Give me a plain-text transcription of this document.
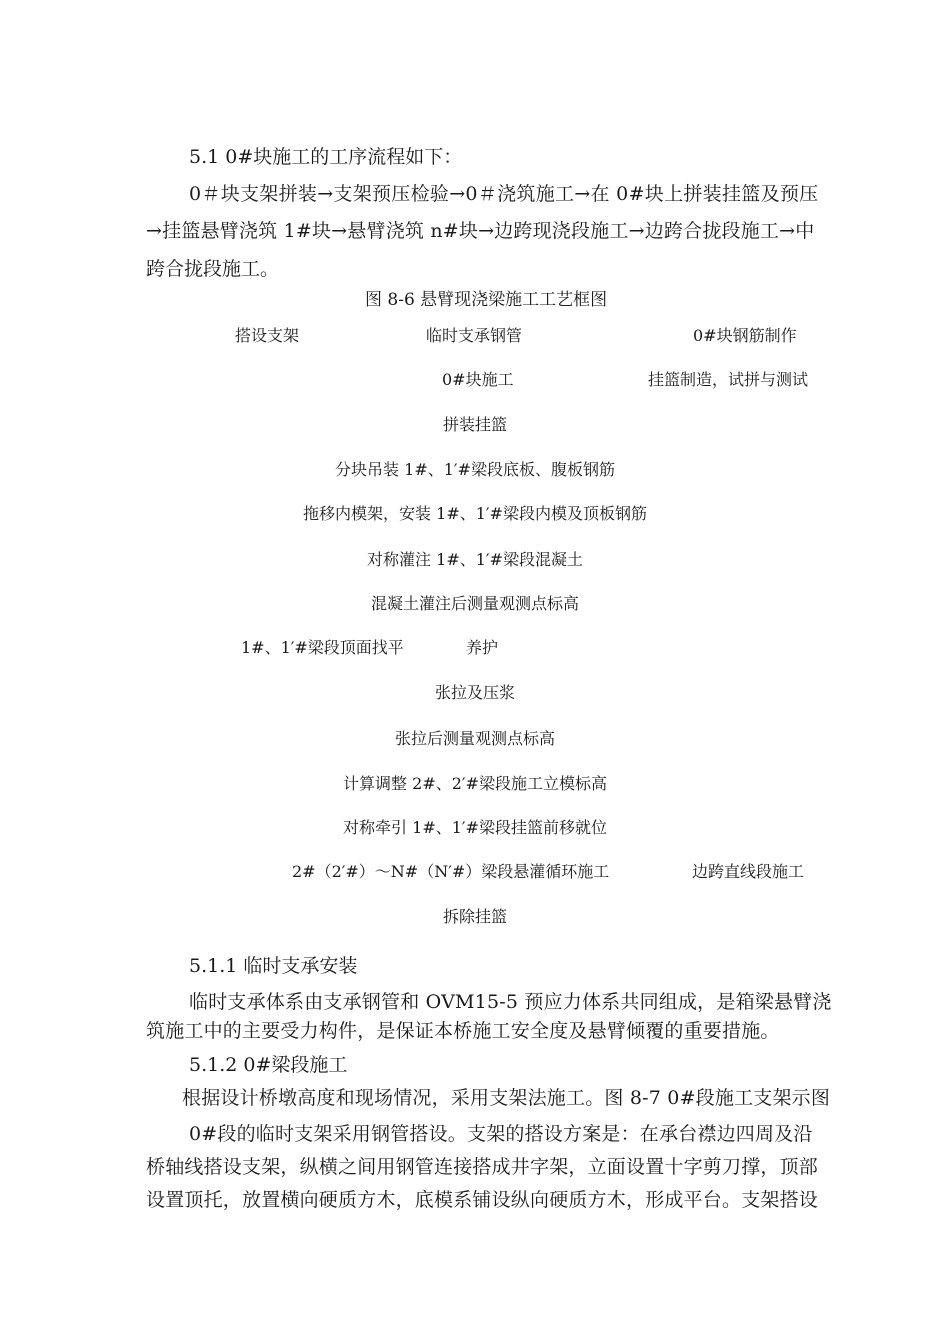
5.1 0#块施工的工序流程如下：
0＃块支架拼装→支架预压检验→0＃浇筑施工→在 0#块上拼装挂篮及预压
→挂篮悬臂浇筑 1#块→悬臂浇筑 n#块→边跨现浇段施工→边跨合拢段施工→中
跨合拢段施工。
图 8-6 悬臂现浇梁施工工艺框图
搭设支架	临时支承钢管	0#块钢筋制作
0#块施工	挂篮制造，试拼与测试
拼装挂篮
分块吊装 1#、1′#梁段底板、腹板钢筋
拖移内模架，安装 1#、1′#梁段内模及顶板钢筋
对称灌注 1#、1′#梁段混凝土
混凝土灌注后测量观测点标高
1#、1′#梁段顶面找平	养护
张拉及压浆
张拉后测量观测点标高
计算调整 2#、2′#梁段施工立模标高
对称牵引 1#、1′#梁段挂篮前移就位
2#（2′#）～N#（N′#）梁段悬灌循环施工	边跨直线段施工
拆除挂篮
5.1.1 临时支承安装
临时支承体系由支承钢管和 OVM15-5 预应力体系共同组成，是箱梁悬臂浇
筑施工中的主要受力构件，是保证本桥施工安全度及悬臂倾覆的重要措施。
5.1.2 0#梁段施工
根据设计桥墩高度和现场情况，采用支架法施工。图 8-7 0#段施工支架示图
0#段的临时支架采用钢管搭设。支架的搭设方案是：在承台襟边四周及沿
桥轴线搭设支架，纵横之间用钢管连接搭成井字架，立面设置十字剪刀撑，顶部
设置顶托，放置横向硬质方木，底模系铺设纵向硬质方木，形成平台。支架搭设
